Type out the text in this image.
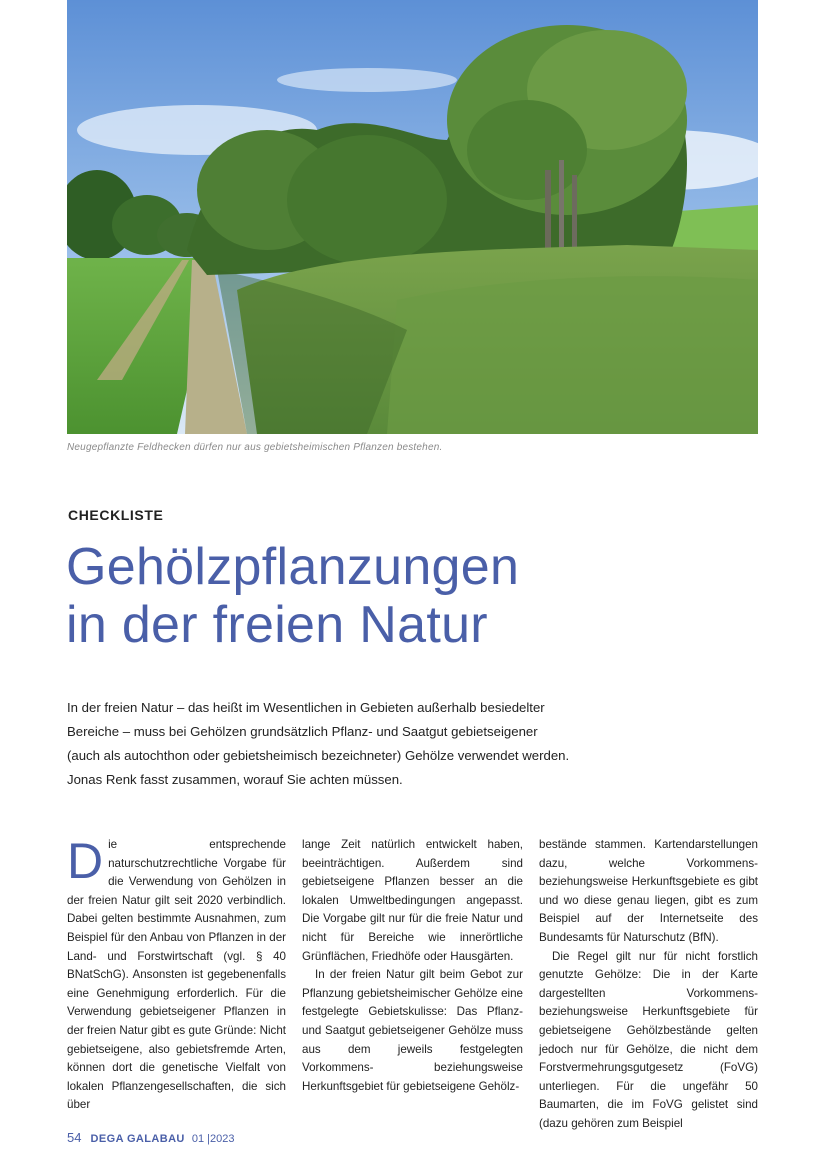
Neugepflanzte Feldhecken dürfen nur aus gebietsheimischen Pflanzen bestehen.
CHECKLISTE
Gehölzpflanzungen
in der freien Natur
In der freien Natur – das heißt im Wesentlichen in Gebieten außerhalb besiedelter
Bereiche – muss bei Gehölzen grundsätzlich Pflanz- und Saatgut gebietseigener
(auch als autochthon oder gebietsheimisch bezeichneter) Gehölze verwendet werden.
Jonas Renk fasst zusammen, worauf Sie achten müssen.

Die entsprechende naturschutzrechtliche Vorgabe für die Verwendung von Gehölzen in der freien Natur gilt seit 2020 verbindlich. Dabei gelten bestimmte Ausnahmen, zum Beispiel für den Anbau von Pflanzen in der Land- und Forstwirtschaft (vgl. § 40 BNatSchG). Ansonsten ist gegebenenfalls eine Genehmigung erforderlich. Für die Verwendung gebietseigener Pflanzen in der freien Natur gibt es gute Gründe: Nicht gebietseigene, also gebietsfremde Arten, können dort die genetische Vielfalt von lokalen Pflanzengesellschaften, die sich über

lange Zeit natürlich entwickelt haben, beeinträchtigen. Außerdem sind gebietseigene Pflanzen besser an die lokalen Umweltbedingungen angepasst. Die Vorgabe gilt nur für die freie Natur und nicht für Bereiche wie innerörtliche Grünflächen, Friedhöfe oder Hausgärten.

In der freien Natur gilt beim Gebot zur Pflanzung gebietsheimischer Gehölze eine festgelegte Gebietskulisse: Das Pflanz- und Saatgut gebietseigener Gehölze muss aus dem jeweils festgelegten Vorkommens- beziehungsweise Herkunftsgebiet für gebietseigene Gehölz-

bestände stammen. Kartendarstellungen dazu, welche Vorkommens- beziehungsweise Herkunftsgebiete es gibt und wo diese genau liegen, gibt es zum Beispiel auf der Internetseite des Bundesamts für Naturschutz (BfN).

Die Regel gilt nur für nicht forstlich genutzte Gehölze: Die in der Karte dargestellten Vorkommens- beziehungsweise Herkunftsgebiete für gebietseigene Gehölzbestände gelten jedoch nur für Gehölze, die nicht dem Forstvermehrungsgutgesetz (FoVG) unterliegen. Für die ungefähr 50 Baumarten, die im FoVG gelistet sind (dazu gehören zum Beispiel

54 DEGA GALABAU 01 |2023
